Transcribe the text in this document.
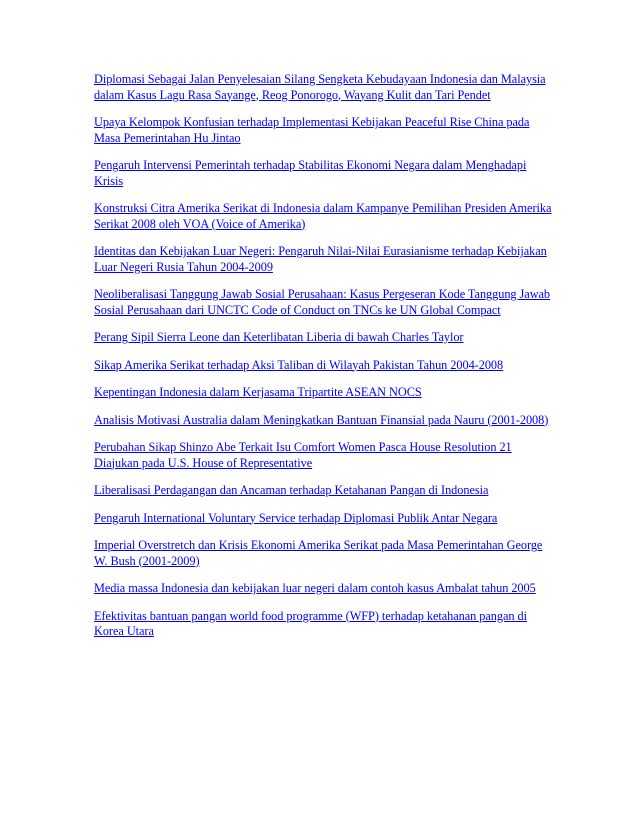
Diplomasi Sebagai Jalan Penyelesaian Silang Sengketa Kebudayaan Indonesia dan Malaysia dalam Kasus Lagu Rasa Sayange, Reog Ponorogo, Wayang Kulit dan Tari Pendet
Upaya Kelompok Konfusian terhadap Implementasi Kebijakan Peaceful Rise China pada Masa Pemerintahan Hu Jintao
Pengaruh Intervensi Pemerintah terhadap Stabilitas Ekonomi Negara dalam Menghadapi Krisis
Konstruksi Citra Amerika Serikat di Indonesia dalam Kampanye Pemilihan Presiden Amerika Serikat 2008 oleh VOA (Voice of Amerika)
Identitas dan Kebijakan Luar Negeri: Pengaruh Nilai-Nilai Eurasianisme terhadap Kebijakan Luar Negeri Rusia Tahun 2004-2009
Neoliberalisasi Tanggung Jawab Sosial Perusahaan: Kasus Pergeseran Kode Tanggung Jawab Sosial Perusahaan dari UNCTC Code of Conduct on TNCs ke UN Global Compact
Perang Sipil Sierra Leone dan Keterlibatan Liberia di bawah Charles Taylor
Sikap Amerika Serikat terhadap Aksi Taliban di Wilayah Pakistan Tahun 2004-2008
Kepentingan Indonesia dalam Kerjasama Tripartite ASEAN NOCS
Analisis Motivasi Australia dalam Meningkatkan Bantuan Finansial pada Nauru (2001-2008)
Perubahan Sikap Shinzo Abe Terkait Isu Comfort Women Pasca House Resolution 21 Diajukan pada U.S. House of Representative
Liberalisasi Perdagangan dan Ancaman terhadap Ketahanan Pangan di Indonesia
Pengaruh International Voluntary Service terhadap Diplomasi Publik Antar Negara
Imperial Overstretch dan Krisis Ekonomi Amerika Serikat pada Masa Pemerintahan George W. Bush (2001-2009)
Media massa Indonesia dan kebijakan luar negeri dalam contoh kasus Ambalat tahun 2005
Efektivitas bantuan pangan world food programme (WFP) terhadap ketahanan pangan di Korea Utara
